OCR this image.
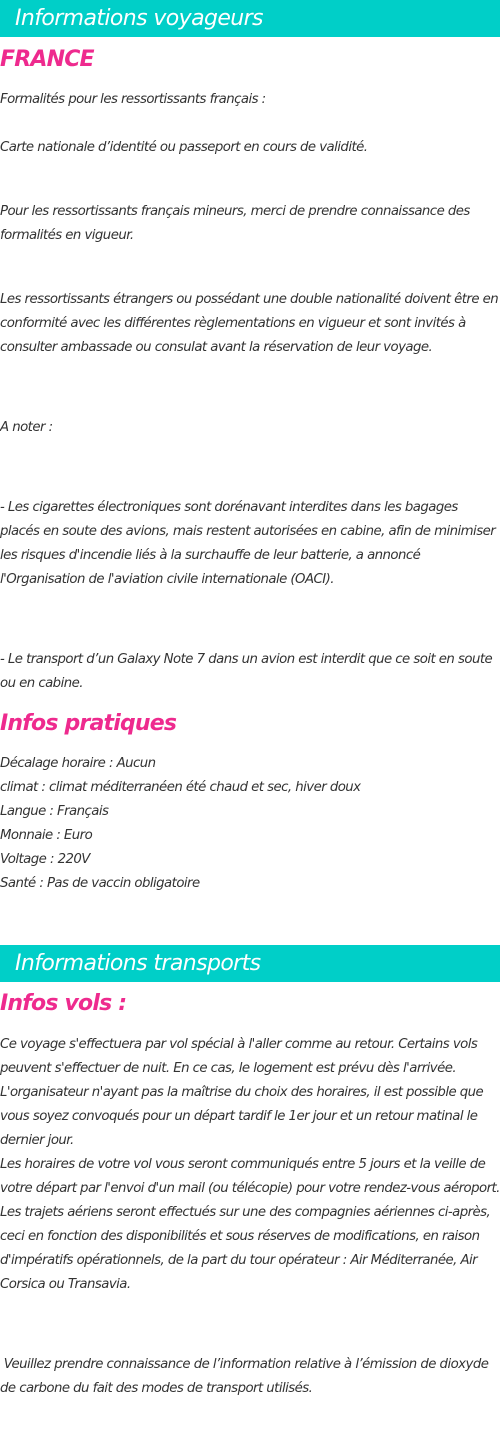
Informations voyageurs
FRANCE
Formalités pour les ressortissants français :
Carte nationale d’identité ou passeport en cours de validité.
Pour les ressortissants français mineurs, merci de prendre connaissance des formalités en vigueur.
Les ressortissants étrangers ou possédant une double nationalité doivent être en conformité avec les différentes règlementations en vigueur et sont invités à consulter ambassade ou consulat avant la réservation de leur voyage.
A noter :
- Les cigarettes électroniques sont dorénavant interdites dans les bagages placés en soute des avions, mais restent autorisées en cabine, afin de minimiser les risques d'incendie liés à la surchauffe de leur batterie, a annoncé l'Organisation de l'aviation civile internationale (OACI).
- Le transport d’un Galaxy Note 7 dans un avion est interdit que ce soit en soute ou en cabine.
Infos pratiques
Décalage horaire : Aucun
climat : climat méditerranéen été chaud et sec, hiver doux
Langue : Français
Monnaie : Euro
Voltage : 220V
Santé : Pas de vaccin obligatoire
Informations transports
Infos vols :
Ce voyage s'effectuera par vol spécial à l'aller comme au retour. Certains vols peuvent s'effectuer de nuit. En ce cas, le logement est prévu dès l'arrivée.
L'organisateur n'ayant pas la maîtrise du choix des horaires, il est possible que vous soyez convoqués pour un départ tardif le 1er jour et un retour matinal le dernier jour.
Les horaires de votre vol vous seront communiqués entre 5 jours et la veille de votre départ par l'envoi d'un mail (ou télécopie) pour votre rendez-vous aéroport. Les trajets aériens seront effectués sur une des compagnies aériennes ci-après, ceci en fonction des disponibilités et sous réserves de modifications, en raison d'impératifs opérationnels, de la part du tour opérateur : Air Méditerranée, Air Corsica ou Transavia.
Veuillez prendre connaissance de l’information relative à l’émission de dioxyde de carbone du fait des modes de transport utilisés.
